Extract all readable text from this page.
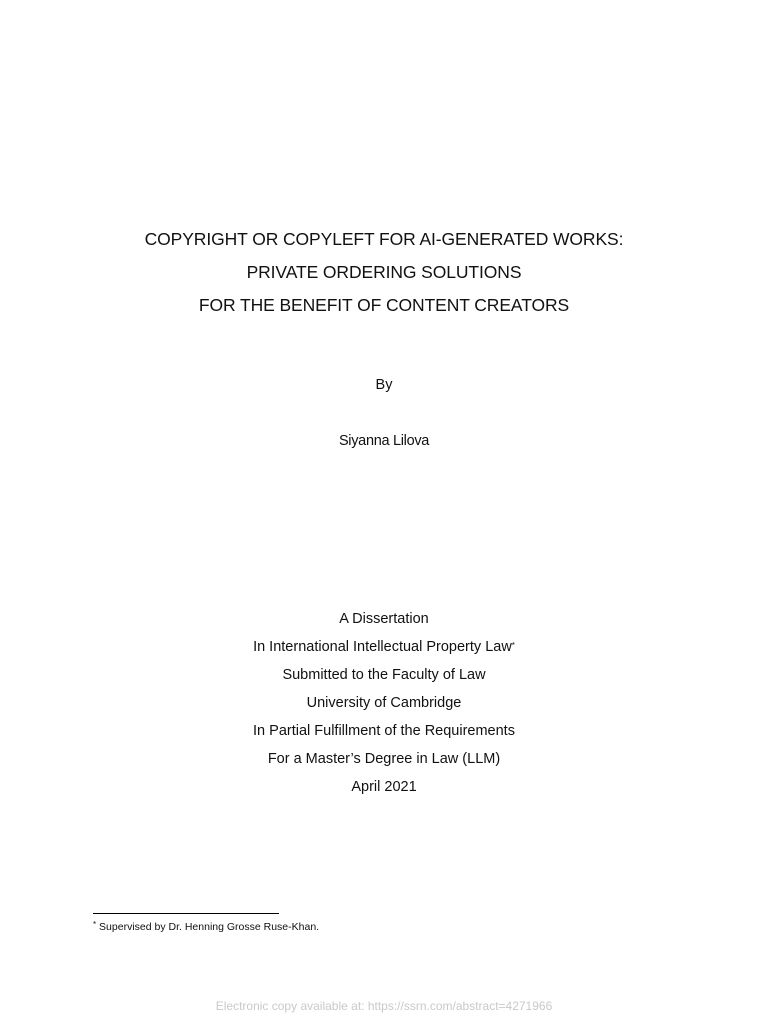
COPYRIGHT OR COPYLEFT FOR AI-GENERATED WORKS:
PRIVATE ORDERING SOLUTIONS
FOR THE BENEFIT OF CONTENT CREATORS
By
Siyanna Lilova
A Dissertation
In International Intellectual Property Law*
Submitted to the Faculty of Law
University of Cambridge
In Partial Fulfillment of the Requirements
For a Master’s Degree in Law (LLM)
April 2021
* Supervised by Dr. Henning Grosse Ruse-Khan.
Electronic copy available at: https://ssrn.com/abstract=4271966
